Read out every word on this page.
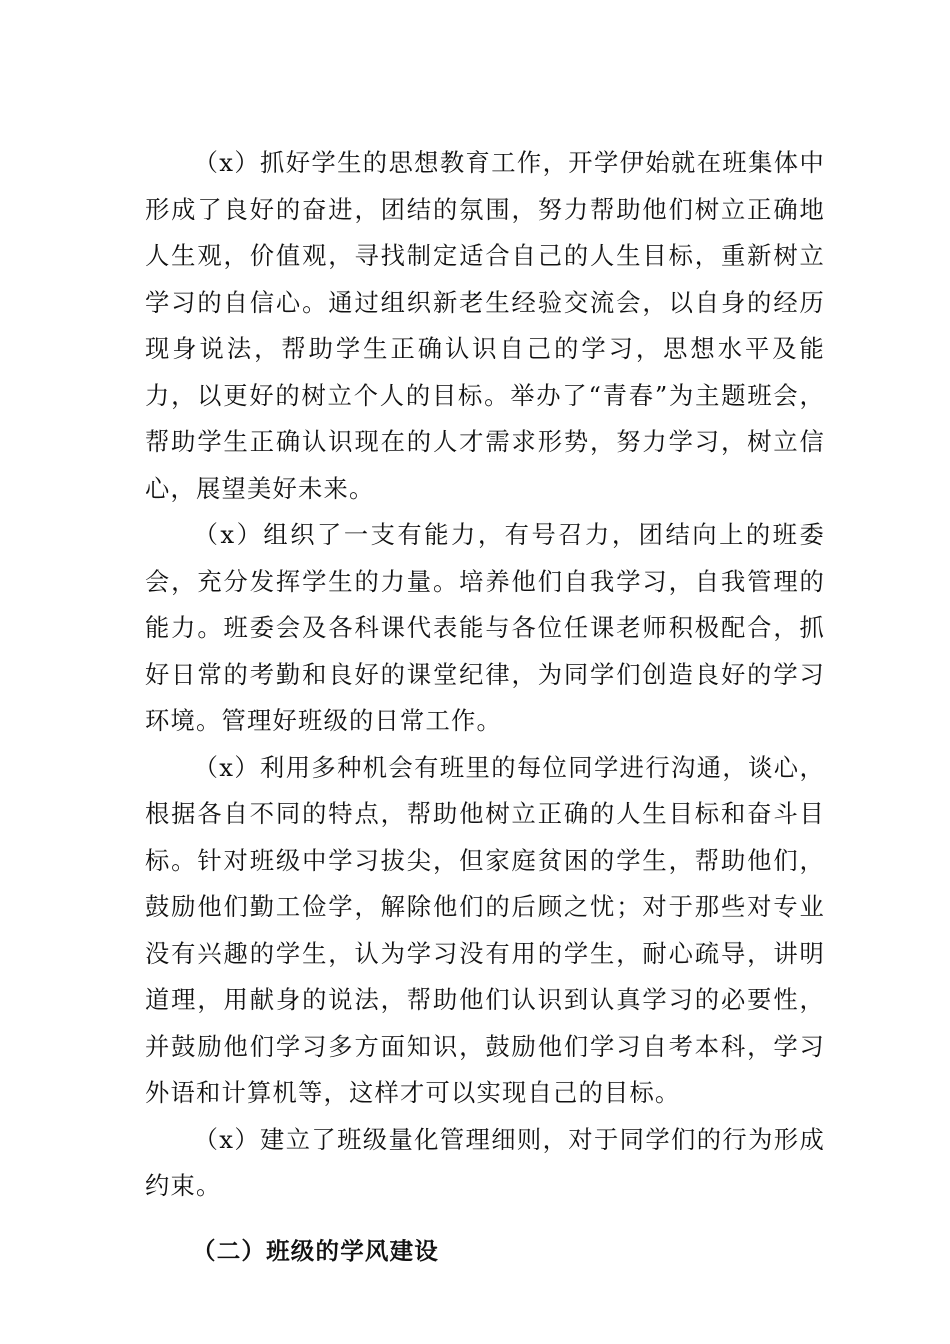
（x）抓好学生的思想教育工作，开学伊始就在班集体中形成了良好的奋进，团结的氛围，努力帮助他们树立正确地人生观，价值观，寻找制定适合自己的人生目标，重新树立学习的自信心。通过组织新老生经验交流会，以自身的经历现身说法，帮助学生正确认识自己的学习，思想水平及能力，以更好的树立个人的目标。举办了“青春”为主题班会，帮助学生正确认识现在的人才需求形势，努力学习，树立信心，展望美好未来。

（x）组织了一支有能力，有号召力，团结向上的班委会，充分发挥学生的力量。培养他们自我学习，自我管理的能力。班委会及各科课代表能与各位任课老师积极配合，抓好日常的考勤和良好的课堂纪律，为同学们创造良好的学习环境。管理好班级的日常工作。

（x）利用多种机会有班里的每位同学进行沟通，谈心，根据各自不同的特点，帮助他树立正确的人生目标和奋斗目标。针对班级中学习拔尖，但家庭贫困的学生，帮助他们，鼓励他们勤工俭学，解除他们的后顾之忧；对于那些对专业没有兴趣的学生，认为学习没有用的学生，耐心疏导，讲明道理，用献身的说法，帮助他们认识到认真学习的必要性，并鼓励他们学习多方面知识，鼓励他们学习自考本科，学习外语和计算机等，这样才可以实现自己的目标。

（x）建立了班级量化管理细则，对于同学们的行为形成约束。

（二）班级的学风建设
